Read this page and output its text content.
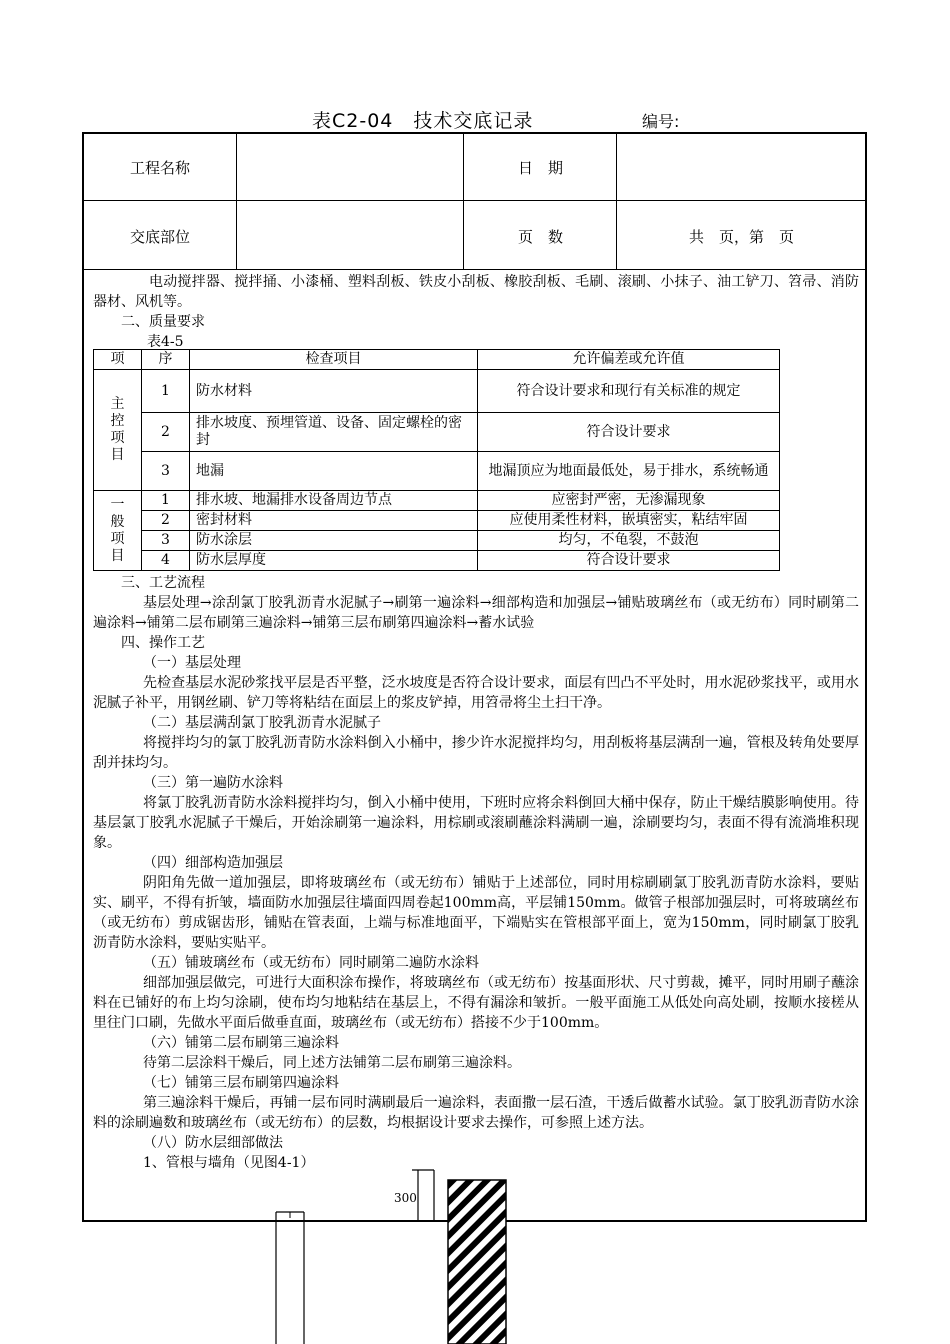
表C2-04　技术交底记录	编号:
工程名称	日　期
交底部位	页　数	共　页，第　页

电动搅拌器、搅拌捅、小漆桶、塑料刮板、铁皮小刮板、橡胶刮板、毛刷、滚刷、小抹子、油工铲刀、笤帚、消防器材、风机等。

二、质量要求

表4-5

项	序	检查项目	允许偏差或允许值
主控项目	1	防水材料	符合设计要求和现行有关标准的规定
	2	排水坡度、预埋管道、设备、固定螺栓的密封	符合设计要求
	3	地漏	地漏顶应为地面最低处，易于排水，系统畅通
一般项目	1	排水坡、地漏排水设备周边节点	应密封严密，无渗漏现象
	2	密封材料	应使用柔性材料，嵌填密实，粘结牢固
	3	防水涂层	均匀，不龟裂，不鼓泡
	4	防水层厚度	符合设计要求

三、工艺流程

基层处理→涂刮氯丁胶乳沥青水泥腻子→刷第一遍涂料→细部构造和加强层→铺贴玻璃丝布（或无纺布）同时刷第二遍涂料→铺第二层布刷第三遍涂料→铺第三层布刷第四遍涂料→蓄水试验

四、操作工艺

（一）基层处理

先检查基层水泥砂浆找平层是否平整，泛水坡度是否符合设计要求，面层有凹凸不平处时，用水泥砂浆找平，或用水泥腻子补平，用钢丝刷、铲刀等将粘结在面层上的浆皮铲掉，用笤帚将尘土扫干净。

（二）基层满刮氯丁胶乳沥青水泥腻子

将搅拌均匀的氯丁胶乳沥青防水涂料倒入小桶中，掺少许水泥搅拌均匀，用刮板将基层满刮一遍，管根及转角处要厚刮并抹均匀。

（三）第一遍防水涂料

将氯丁胶乳沥青防水涂料搅拌均匀，倒入小桶中使用，下班时应将余料倒回大桶中保存，防止干燥结膜影响使用。待基层氯丁胶乳水泥腻子干燥后，开始涂刷第一遍涂料，用棕刷或滚刷蘸涂料满刷一遍，涂刷要均匀，表面不得有流淌堆积现象。

（四）细部构造加强层

阴阳角先做一道加强层，即将玻璃丝布（或无纺布）铺贴于上述部位，同时用棕刷刷氯丁胶乳沥青防水涂料，要贴实、刷平，不得有折皱，墙面防水加强层往墙面四周卷起100mm高，平层铺150mm。做管子根部加强层时，可将玻璃丝布（或无纺布）剪成锯齿形，铺贴在管表面，上端与标准地面平，下端贴实在管根部平面上，宽为150mm，同时刷氯丁胶乳沥青防水涂料，要贴实贴平。

（五）铺玻璃丝布（或无纺布）同时刷第二遍防水涂料

细部加强层做完，可进行大面积涂布操作，将玻璃丝布（或无纺布）按基面形状、尺寸剪裁，摊平，同时用刷子蘸涂料在已铺好的布上均匀涂刷，使布均匀地粘结在基层上，不得有漏涂和皱折。一般平面施工从低处向高处刷，按顺水接槎从里往门口刷，先做水平面后做垂直面，玻璃丝布（或无纺布）搭接不少于100mm。

（六）铺第二层布刷第三遍涂料

待第二层涂料干燥后，同上述方法铺第二层布刷第三遍涂料。

（七）铺第三层布刷第四遍涂料

第三遍涂料干燥后，再铺一层布同时满刷最后一遍涂料，表面撒一层石渣，干透后做蓄水试验。氯丁胶乳沥青防水涂料的涂刷遍数和玻璃丝布（或无纺布）的层数，均根据设计要求去操作，可参照上述方法。

（八）防水层细部做法

1、管根与墙角（见图4-1）

300
